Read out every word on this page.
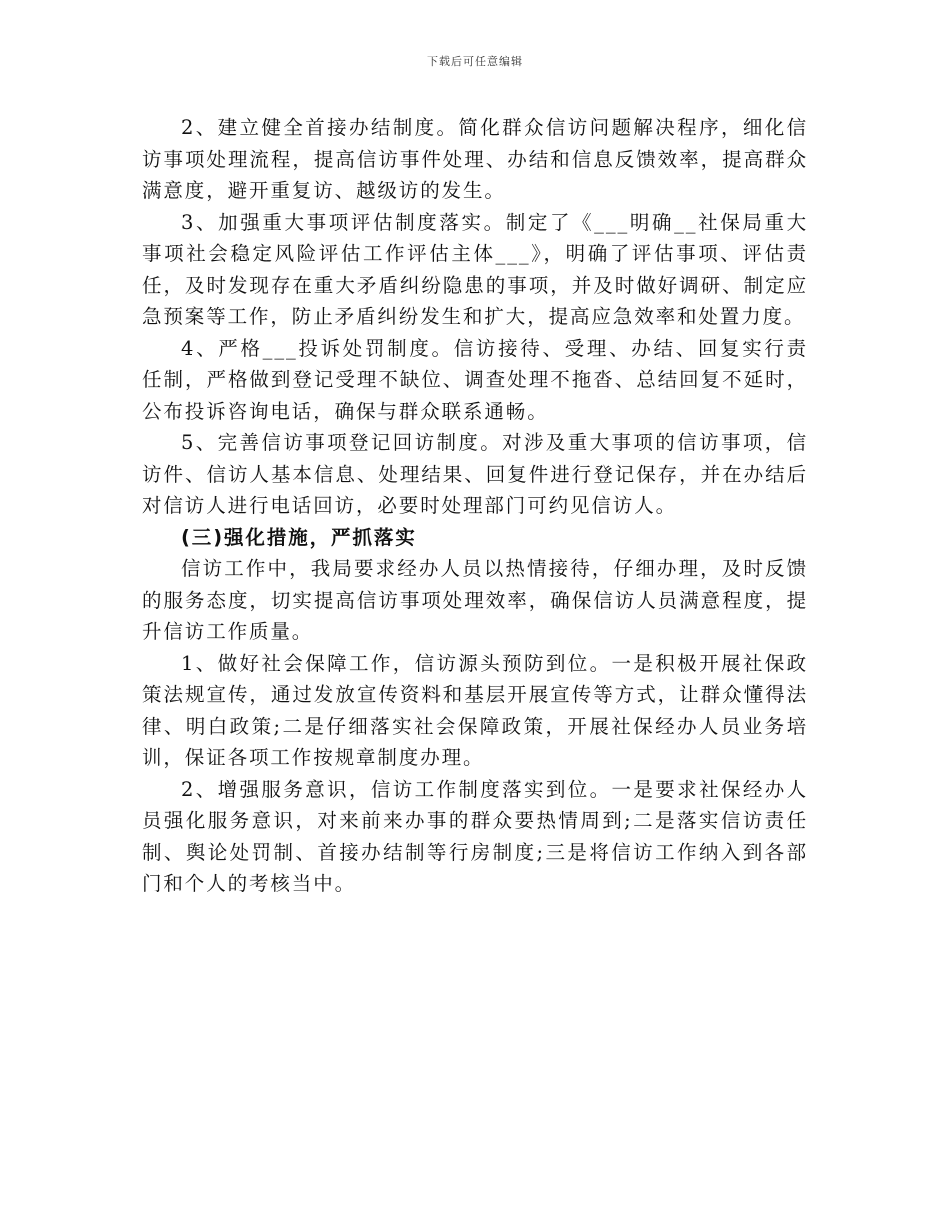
下载后可任意编辑

2、建立健全首接办结制度。简化群众信访问题解决程序，细化信访事项处理流程，提高信访事件处理、办结和信息反馈效率，提高群众满意度，避开重复访、越级访的发生。

3、加强重大事项评估制度落实。制定了《___明确__社保局重大事项社会稳定风险评估工作评估主体___》，明确了评估事项、评估责任，及时发现存在重大矛盾纠纷隐患的事项，并及时做好调研、制定应急预案等工作，防止矛盾纠纷发生和扩大，提高应急效率和处置力度。

4、严格___投诉处罚制度。信访接待、受理、办结、回复实行责任制，严格做到登记受理不缺位、调查处理不拖沓、总结回复不延时，公布投诉咨询电话，确保与群众联系通畅。

5、完善信访事项登记回访制度。对涉及重大事项的信访事项，信访件、信访人基本信息、处理结果、回复件进行登记保存，并在办结后对信访人进行电话回访，必要时处理部门可约见信访人。

(三)强化措施，严抓落实

信访工作中，我局要求经办人员以热情接待，仔细办理，及时反馈的服务态度，切实提高信访事项处理效率，确保信访人员满意程度，提升信访工作质量。

1、做好社会保障工作，信访源头预防到位。一是积极开展社保政策法规宣传，通过发放宣传资料和基层开展宣传等方式，让群众懂得法律、明白政策;二是仔细落实社会保障政策，开展社保经办人员业务培训，保证各项工作按规章制度办理。

2、增强服务意识，信访工作制度落实到位。一是要求社保经办人员强化服务意识，对来前来办事的群众要热情周到;二是落实信访责任制、舆论处罚制、首接办结制等行房制度;三是将信访工作纳入到各部门和个人的考核当中。
